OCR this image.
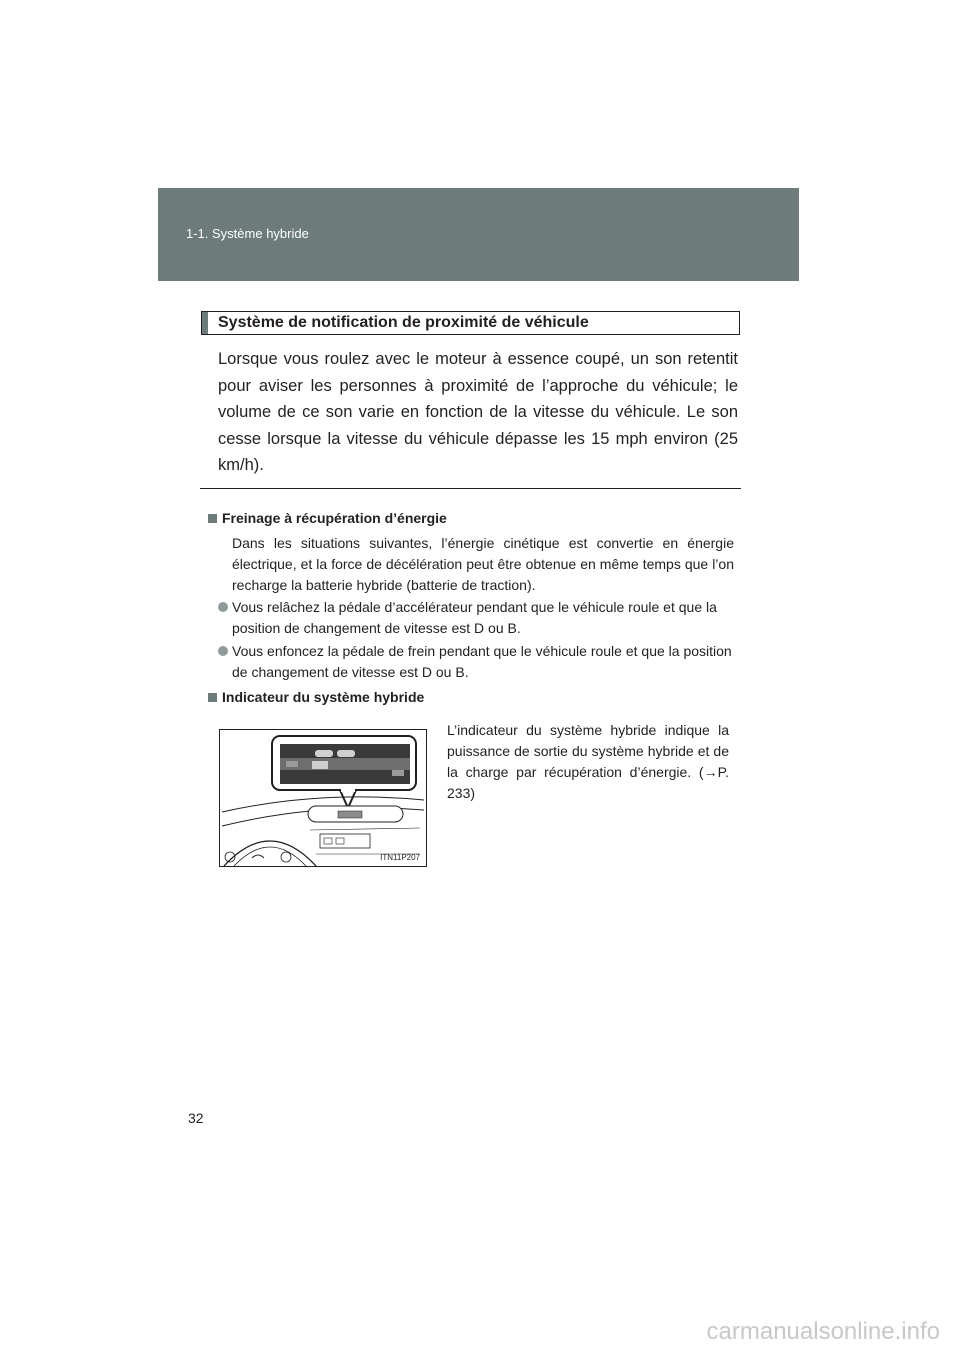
1-1. Système hybride
Système de notification de proximité de véhicule
Lorsque vous roulez avec le moteur à essence coupé, un son retentit pour aviser les personnes à proximité de l’approche du véhicule; le volume de ce son varie en fonction de la vitesse du véhicule. Le son cesse lorsque la vitesse du véhicule dépasse les 15 mph environ (25 km/h).
Freinage à récupération d’énergie
Dans les situations suivantes, l’énergie cinétique est convertie en énergie électrique, et la force de décélération peut être obtenue en même temps que l’on recharge la batterie hybride (batterie de traction).
Vous relâchez la pédale d’accélérateur pendant que le véhicule roule et que la position de changement de vitesse est D ou B.
Vous enfoncez la pédale de frein pendant que le véhicule roule et que la position de changement de vitesse est D ou B.
Indicateur du système hybride
ITN11P207
L’indicateur du système hybride indique la puissance de sortie du système hybride et de la charge par récupération d’énergie. (→P. 233)
32
carmanualsonline.info
